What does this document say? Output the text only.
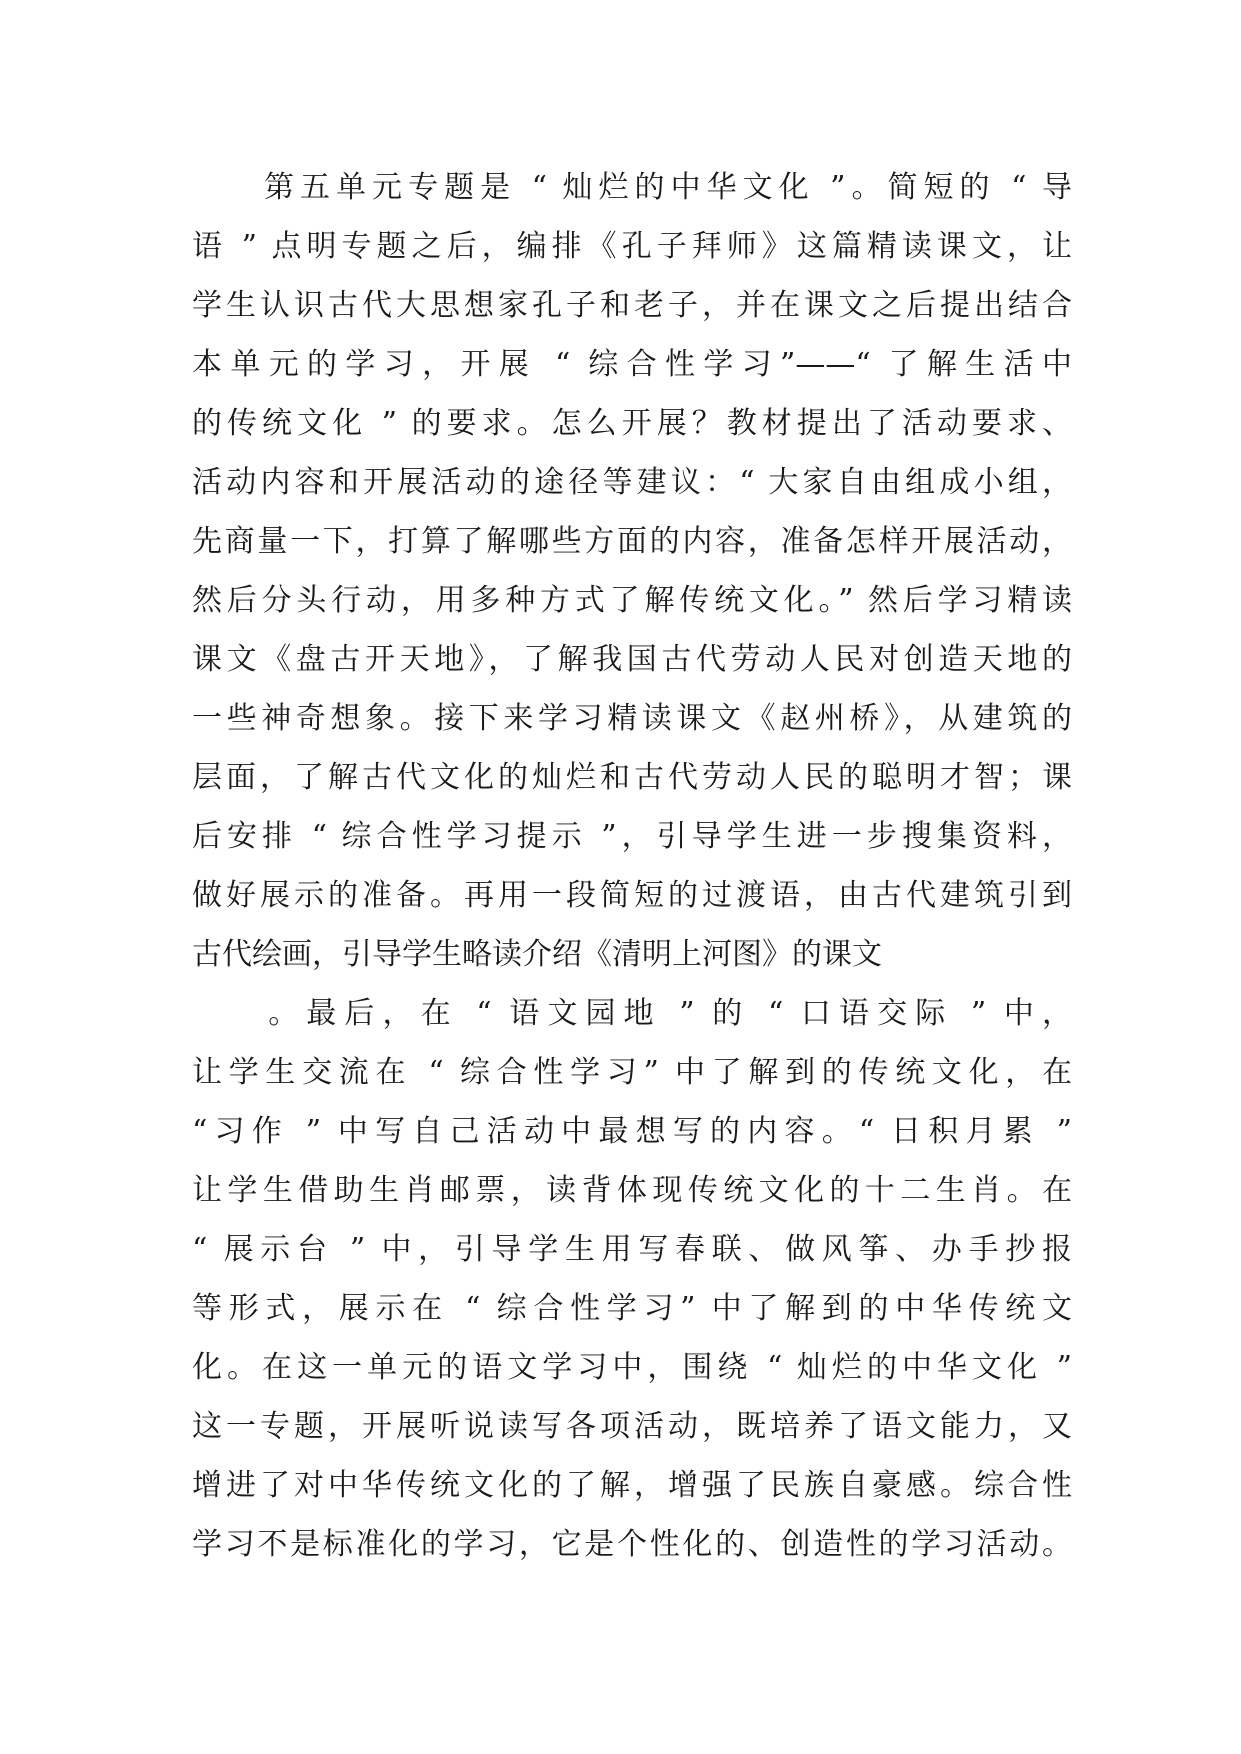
　　第五单元专题是 “ 灿烂的中华文化 ”。简短的 “ 导
语 ” 点明专题之后，编排《孔子拜师》这篇精读课文，让
学生认识古代大思想家孔子和老子，并在课文之后提出结合
本单元的学习，开展 “ 综合性学习”——“ 了解生活中
的传统文化 ” 的要求。怎么开展？教材提出了活动要求、
活动内容和开展活动的途径等建议：“ 大家自由组成小组，
先商量一下，打算了解哪些方面的内容，准备怎样开展活动，
然后分头行动，用多种方式了解传统文化。” 然后学习精读
课文《盘古开天地》，了解我国古代劳动人民对创造天地的
一些神奇想象。接下来学习精读课文《赵州桥》，从建筑的
层面，了解古代文化的灿烂和古代劳动人民的聪明才智；课
后安排 “ 综合性学习提示 ”，引导学生进一步搜集资料，
做好展示的准备。再用一段简短的过渡语，由古代建筑引到
古代绘画，引导学生略读介绍《清明上河图》的课文
　　。最后，在 “ 语文园地 ” 的 “ 口语交际 ” 中，
让学生交流在 “ 综合性学习” 中了解到的传统文化，在
“习作 ” 中写自己活动中最想写的内容。“ 日积月累 ”
让学生借助生肖邮票，读背体现传统文化的十二生肖。在
“ 展示台 ” 中，引导学生用写春联、做风筝、办手抄报
等形式，展示在 “ 综合性学习” 中了解到的中华传统文
化。在这一单元的语文学习中，围绕 “ 灿烂的中华文化 ”
这一专题，开展听说读写各项活动，既培养了语文能力，又
增进了对中华传统文化的了解，增强了民族自豪感。综合性
学习不是标准化的学习，它是个性化的、创造性的学习活动。
